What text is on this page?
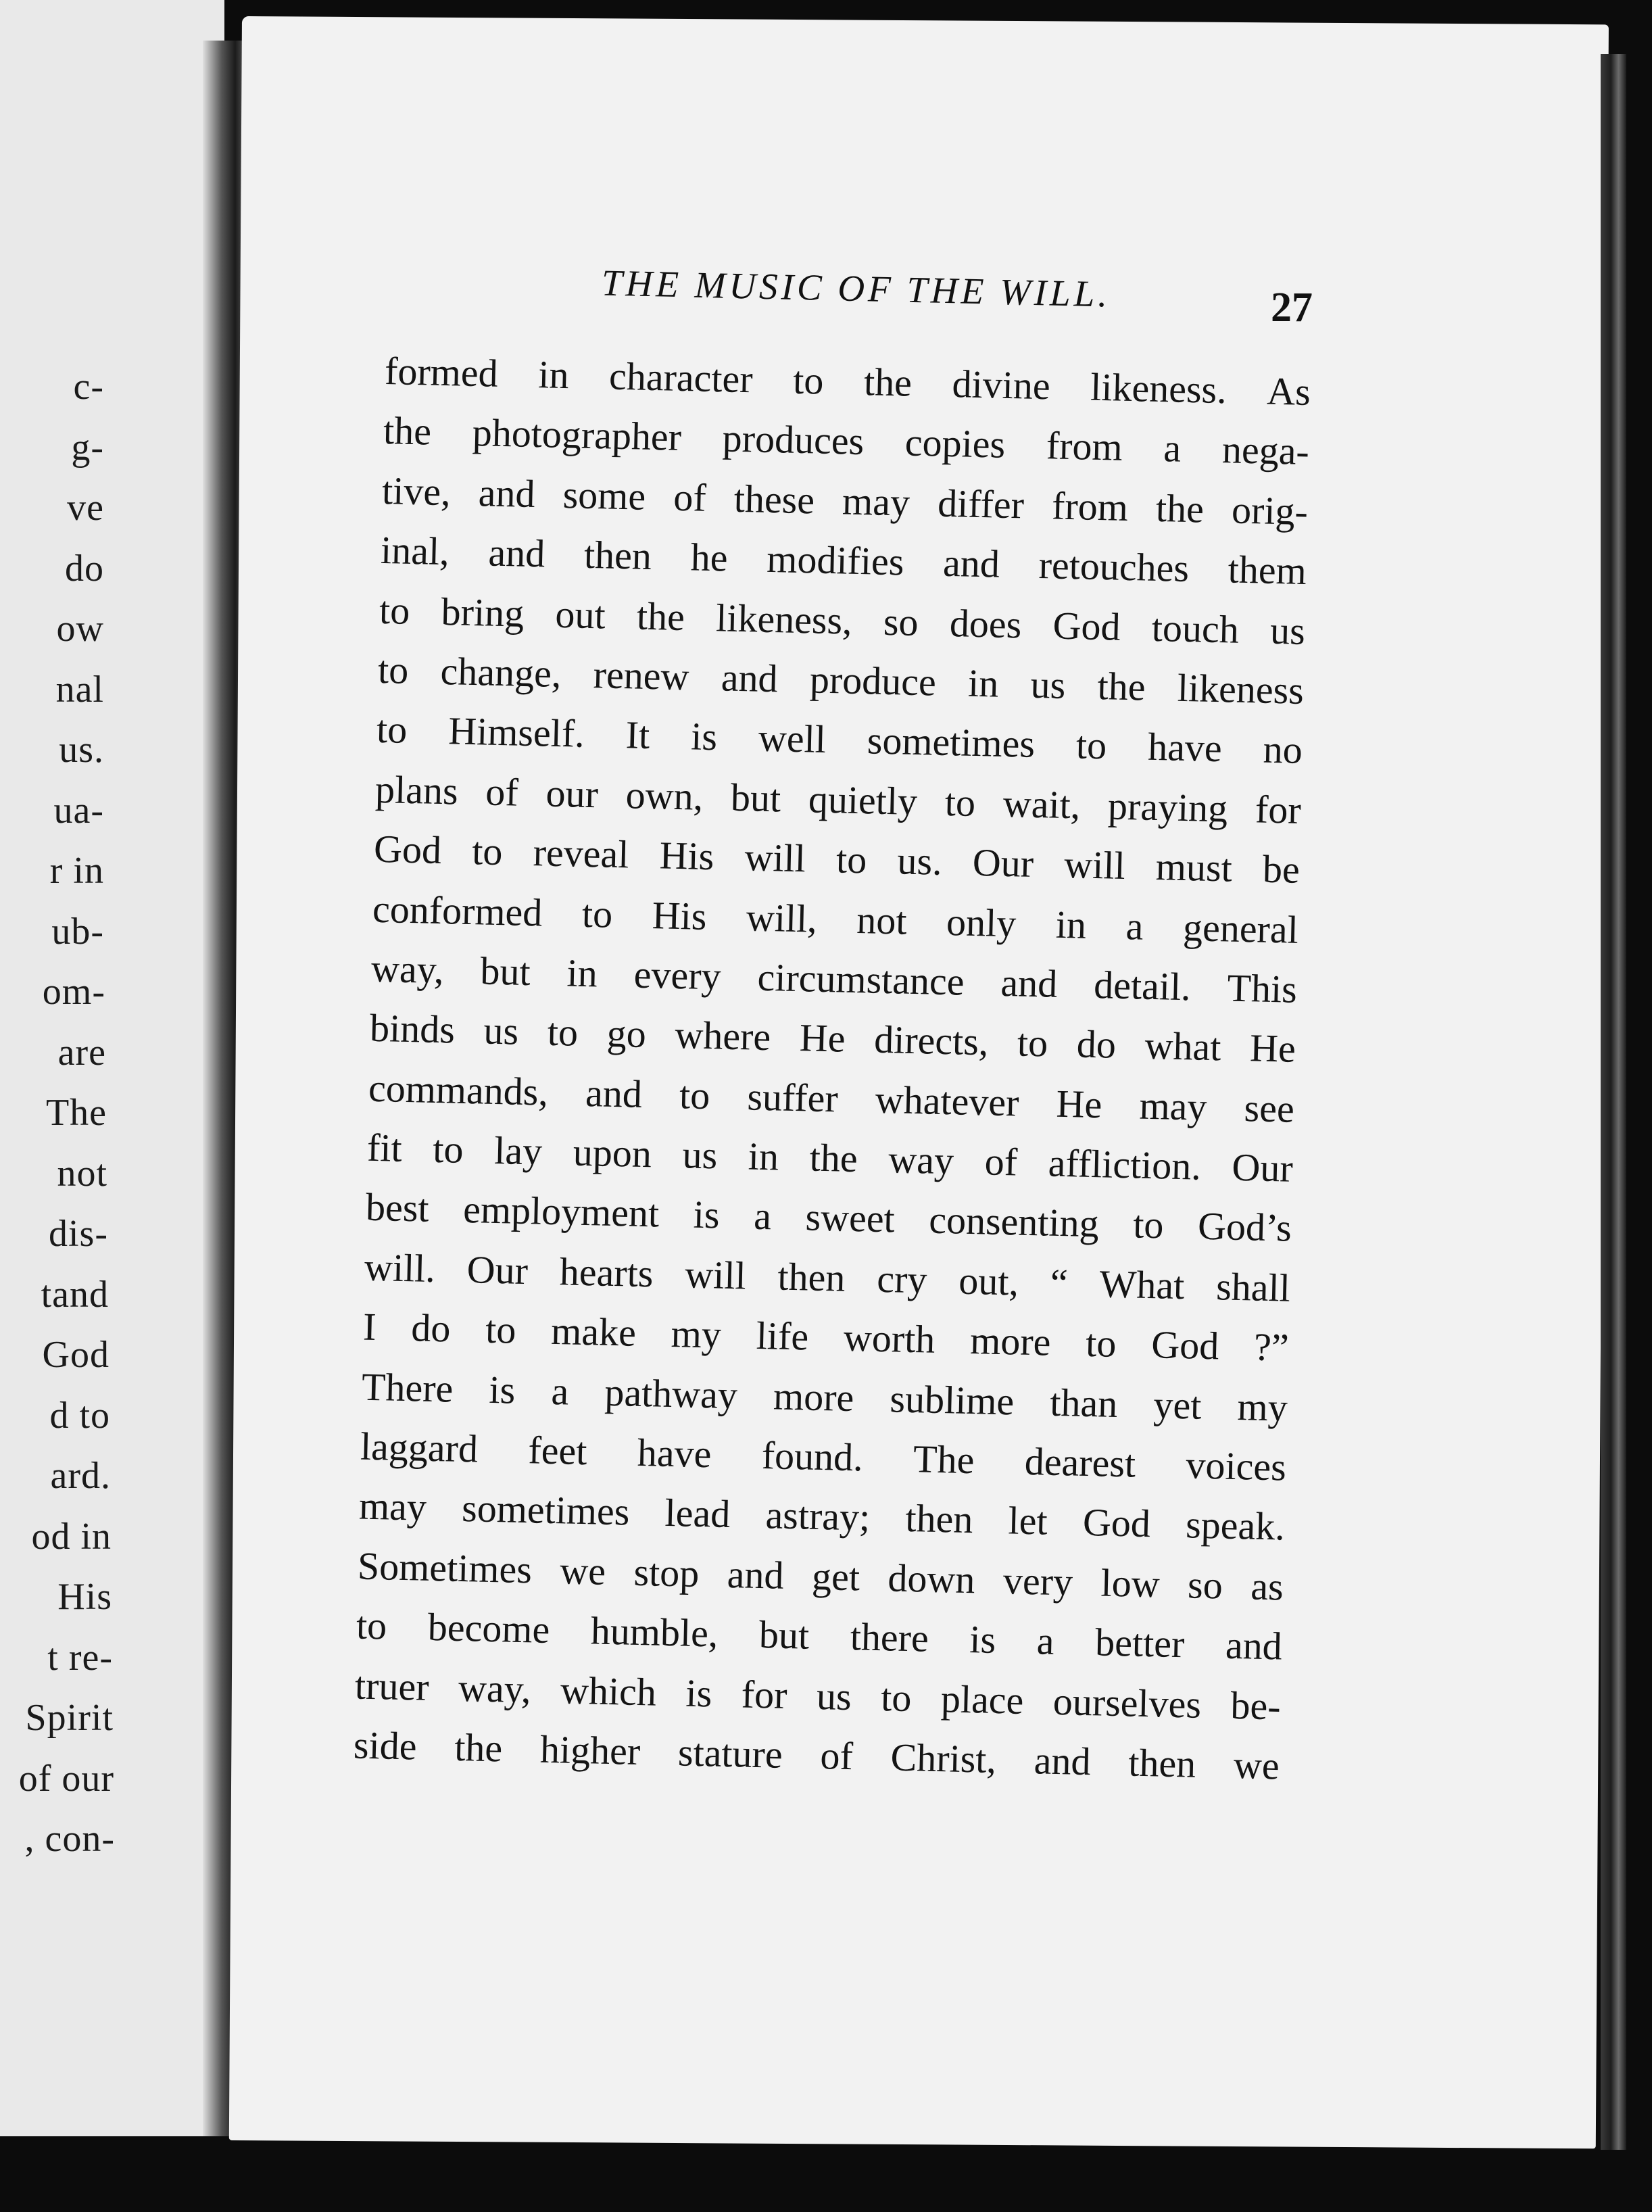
c-
g-
ve
do
ow
nal
us.
ua-
r in
ub-
om-
are
The
not
dis-
tand
God
d to
ard.
od in
His
t re-
Spirit
of our
, con-
THE MUSIC OF THE WILL.	27
formed in character to the divine likeness. As
the photographer produces copies from a nega-
tive, and some of these may differ from the orig-
inal, and then he modifies and retouches them
to bring out the likeness, so does God touch us
to change, renew and produce in us the likeness
to Himself. It is well sometimes to have no
plans of our own, but quietly to wait, praying for
God to reveal His will to us. Our will must be
conformed to His will, not only in a general
way, but in every circumstance and detail. This
binds us to go where He directs, to do what He
commands, and to suffer whatever He may see
fit to lay upon us in the way of affliction. Our
best employment is a sweet consenting to God’s
will. Our hearts will then cry out, “ What shall
I do to make my life worth more to God ?”
There is a pathway more sublime than yet my
laggard feet have found. The dearest voices
may sometimes lead astray; then let God speak.
Sometimes we stop and get down very low so as
to become humble, but there is a better and
truer way, which is for us to place ourselves be-
side the higher stature of Christ, and then we
